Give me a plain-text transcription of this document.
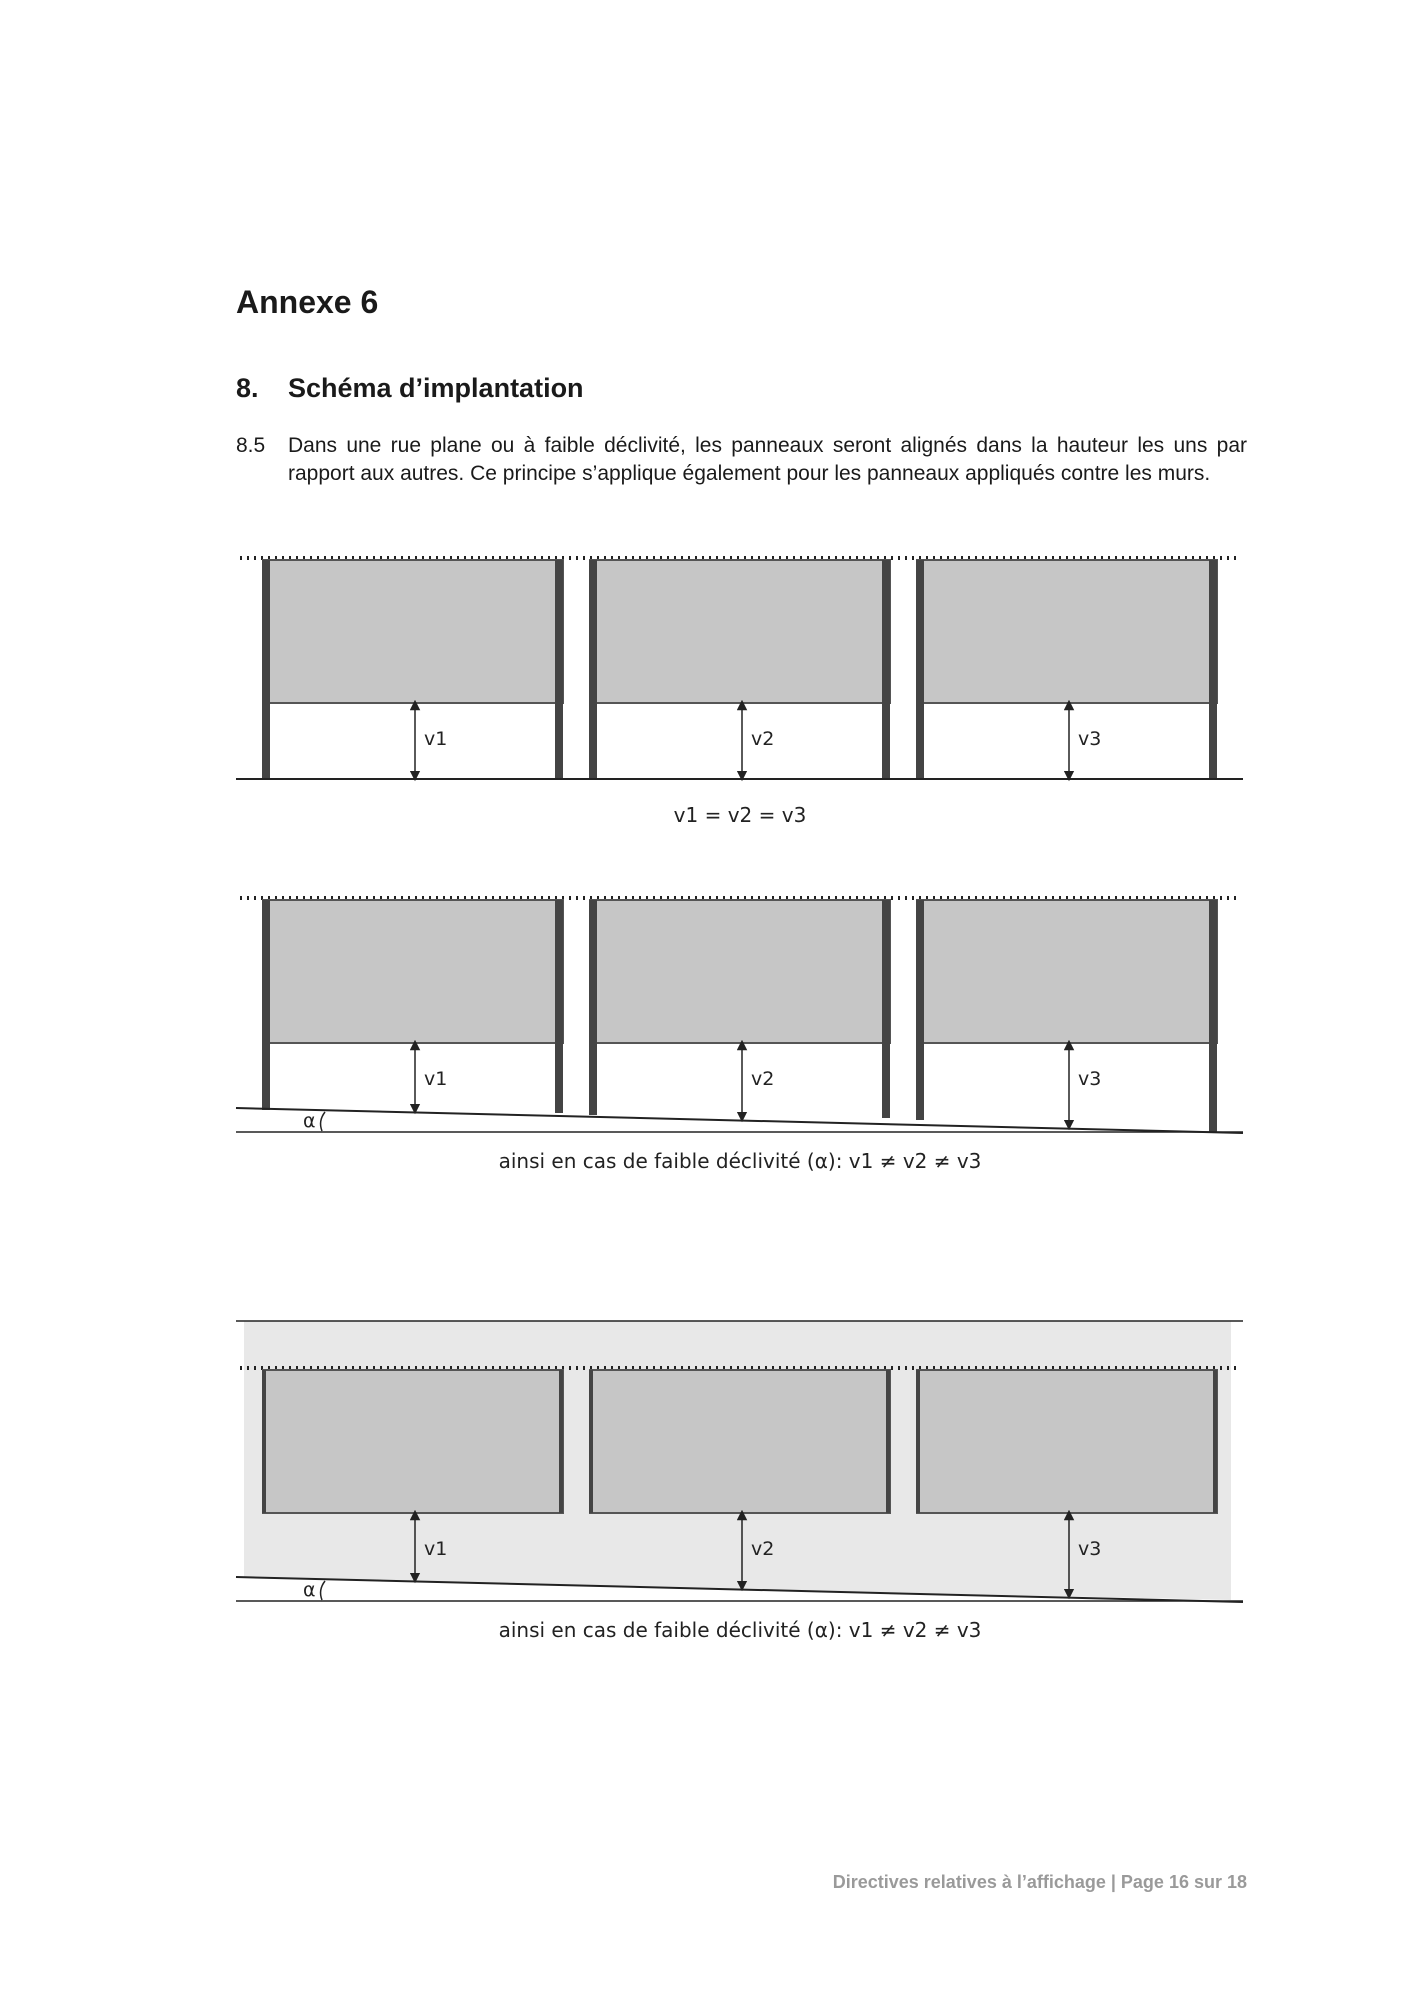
Annexe 6
8. Schéma d’implantation
8.5 Dans une rue plane ou à faible déclivité, les panneaux seront alignés dans la hauteur les uns par rapport aux autres. Ce principe s’applique également pour les panneaux appliqués contre les murs.
v1	v2	v3
v1 = v2 = v3
α
v1	v2	v3
ainsi en cas de faible déclivité (α): v1 ≠ v2 ≠ v3
α
v1	v2	v3
ainsi en cas de faible déclivité (α): v1 ≠ v2 ≠ v3
Directives relatives à l’affichage | Page 16 sur 18
